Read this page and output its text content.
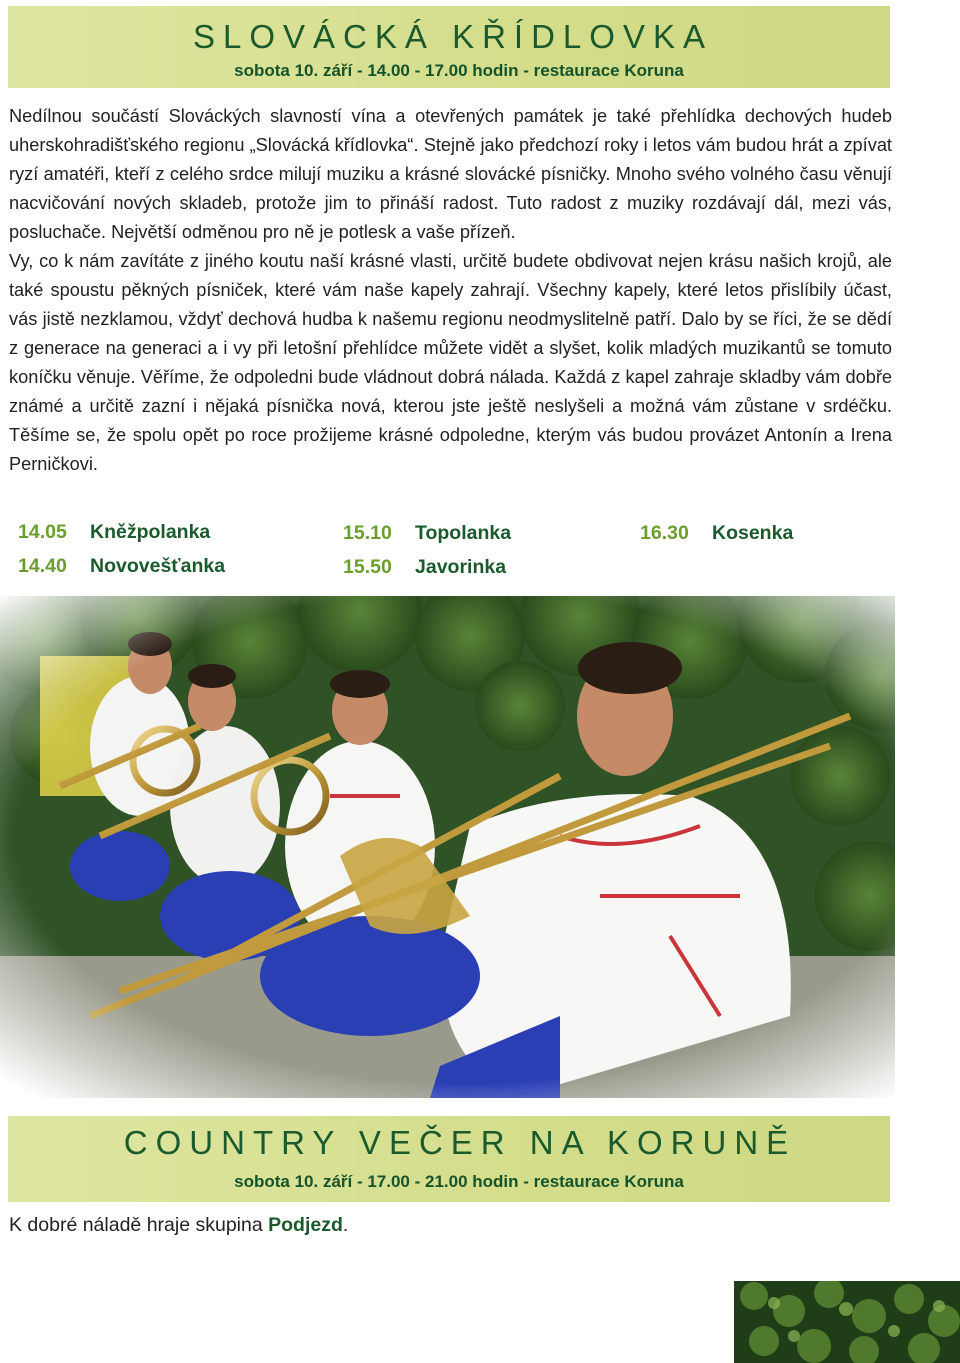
SLOVÁCKÁ KŘÍDLOVKA
sobota 10. září - 14.00 - 17.00 hodin - restaurace Koruna

Nedílnou součástí Slováckých slavností vína a otevřených památek je také přehlídka dechových hudeb uherskohradišťského regionu „Slovácká křídlovka“. Stejně jako předchozí roky i letos vám budou hrát a zpívat ryzí amatéři, kteří z celého srdce milují muziku a krásné slovácké písničky. Mnoho svého volného času věnují nacvičování nových skladeb, protože jim to přináší radost. Tuto radost z muziky rozdávají dál, mezi vás, posluchače. Největší odměnou pro ně je potlesk a vaše přízeň.

Vy, co k nám zavítáte z jiného koutu naší krásné vlasti, určitě budete obdivovat nejen krásu našich krojů, ale také spoustu pěkných písniček, které vám naše kapely zahrají. Všechny kapely, které letos přislíbily účast, vás jistě nezklamou, vždyť dechová hudba k našemu regionu neodmyslitelně patří. Dalo by se říci, že se dědí z generace na generaci a i vy při letošní přehlídce můžete vidět a slyšet, kolik mladých muzikantů se tomuto koníčku věnuje. Věříme, že odpoledni bude vládnout dobrá nálada. Každá z kapel zahraje skladby vám dobře známé a určitě zazní i nějaká písnička nová, kterou jste ještě neslyšeli a možná vám zůstane v srdéčku. Těšíme se, že spolu opět po roce prožijeme krásné odpoledne, kterým vás budou provázet Antonín a Irena Perničkovi.

14.05 Kněžpolanka
14.40 Novovešťanka
15.10 Topolanka
15.50 Javorinka
16.30 Kosenka
COUNTRY VEČER NA KORUNĚ
sobota 10. září - 17.00 - 21.00 hodin - restaurace Koruna
K dobré náladě hraje skupina Podjezd.
